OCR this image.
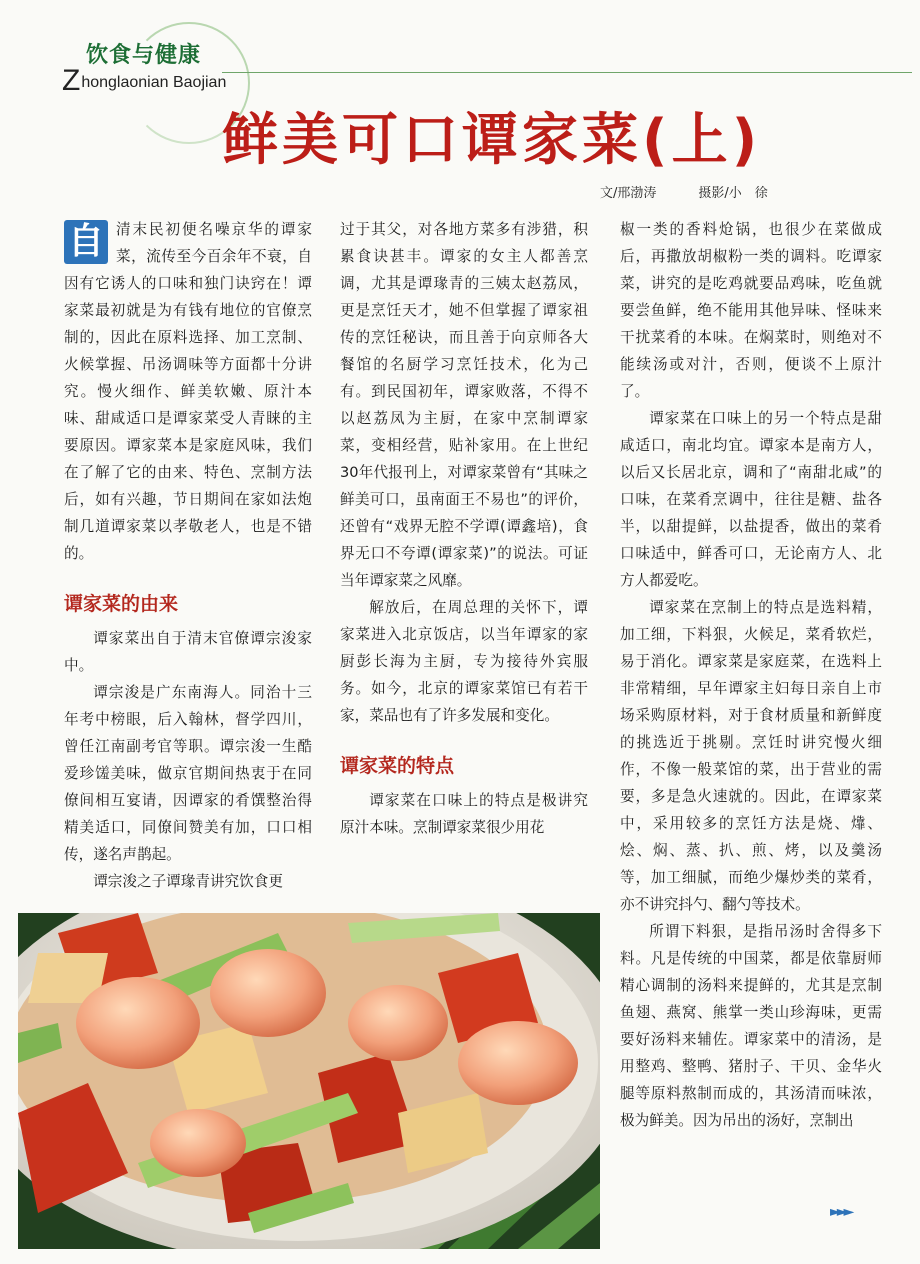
饮食与健康
Zhonglaonian Baojian
鲜美可口谭家菜(上)
文/邢渤涛	摄影/小　徐

自 清末民初便名噪京华的谭家菜，流传至今百余年不衰，自因有它诱人的口味和独门诀窍在！谭家菜最初就是为有钱有地位的官僚烹制的，因此在原料选择、加工烹制、火候掌握、吊汤调味等方面都十分讲究。慢火细作、鲜美软嫩、原汁本味、甜咸适口是谭家菜受人青睐的主要原因。谭家菜本是家庭风味，我们在了解了它的由来、特色、烹制方法后，如有兴趣，节日期间在家如法炮制几道谭家菜以孝敬老人，也是不错的。

谭家菜的由来

谭家菜出自于清末官僚谭宗浚家中。

谭宗浚是广东南海人。同治十三年考中榜眼，后入翰林，督学四川，曾任江南副考官等职。谭宗浚一生酷爱珍馐美味，做京官期间热衷于在同僚间相互宴请，因谭家的肴馔整治得精美适口，同僚间赞美有加，口口相传，遂名声鹊起。

谭宗浚之子谭瑑青讲究饮食更

过于其父，对各地方菜多有涉猎，积累食诀甚丰。谭家的女主人都善烹调，尤其是谭瑑青的三姨太赵荔凤，更是烹饪天才，她不但掌握了谭家祖传的烹饪秘诀，而且善于向京师各大餐馆的名厨学习烹饪技术，化为己有。到民国初年，谭家败落，不得不以赵荔凤为主厨，在家中烹制谭家菜，变相经营，贴补家用。在上世纪30年代报刊上，对谭家菜曾有“其味之鲜美可口，虽南面王不易也”的评价，还曾有“戏界无腔不学谭(谭鑫培)，食界无口不夸谭(谭家菜)”的说法。可证当年谭家菜之风靡。

解放后，在周总理的关怀下，谭家菜进入北京饭店，以当年谭家的家厨彭长海为主厨，专为接待外宾服务。如今，北京的谭家菜馆已有若干家，菜品也有了许多发展和变化。

谭家菜的特点

谭家菜在口味上的特点是极讲究原汁本味。烹制谭家菜很少用花

椒一类的香料炝锅，也很少在菜做成后，再撒放胡椒粉一类的调料。吃谭家菜，讲究的是吃鸡就要品鸡味，吃鱼就要尝鱼鲜，绝不能用其他异味、怪味来干扰菜肴的本味。在焖菜时，则绝对不能续汤或对汁，否则，便谈不上原汁了。

谭家菜在口味上的另一个特点是甜咸适口，南北均宜。谭家本是南方人，以后又长居北京，调和了“南甜北咸”的口味，在菜肴烹调中，往往是糖、盐各半，以甜提鲜，以盐提香，做出的菜肴口味适中，鲜香可口，无论南方人、北方人都爱吃。

谭家菜在烹制上的特点是选料精，加工细，下料狠，火候足，菜肴软烂，易于消化。谭家菜是家庭菜，在选料上非常精细，早年谭家主妇每日亲自上市场采购原材料，对于食材质量和新鲜度的挑选近于挑剔。烹饪时讲究慢火细作，不像一般菜馆的菜，出于营业的需要，多是急火速就的。因此，在谭家菜中，采用较多的烹饪方法是烧、㸆、烩、焖、蒸、扒、煎、烤，以及羹汤等，加工细腻，而绝少爆炒类的菜肴，亦不讲究抖勺、翻勺等技术。

所谓下料狠，是指吊汤时舍得多下料。凡是传统的中国菜，都是依靠厨师精心调制的汤料来提鲜的，尤其是烹制鱼翅、燕窝、熊掌一类山珍海味，更需要好汤料来辅佐。谭家菜中的清汤，是用整鸡、整鸭、猪肘子、干贝、金华火腿等原料熬制而成的，其汤清而味浓，极为鲜美。因为吊出的汤好，烹制出

►►►
